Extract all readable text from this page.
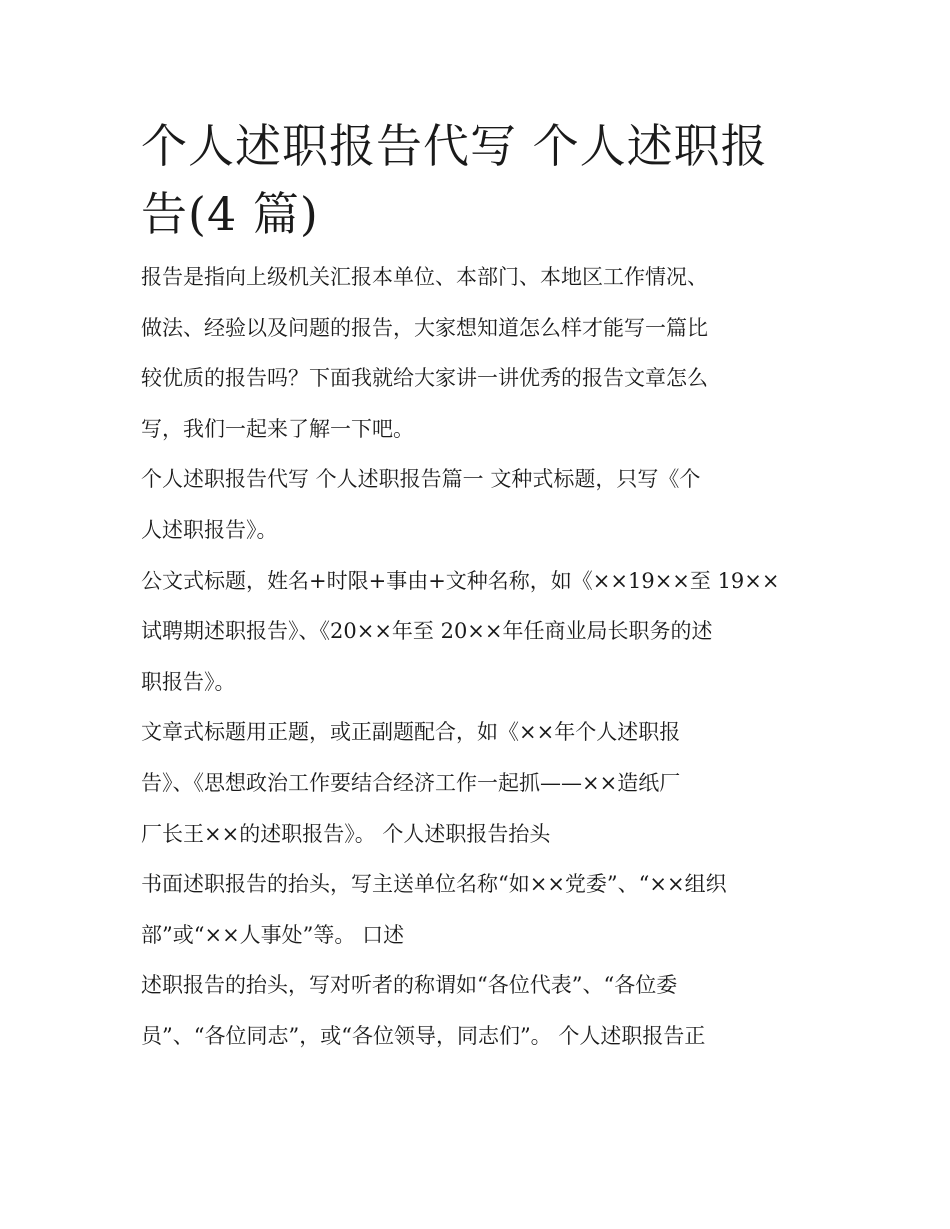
个人述职报告代写 个人述职报
告(4 篇)

报告是指向上级机关汇报本单位、本部门、本地区工作情况、
做法、经验以及问题的报告，大家想知道怎么样才能写一篇比
较优质的报告吗？下面我就给大家讲一讲优秀的报告文章怎么
写，我们一起来了解一下吧。

个人述职报告代写 个人述职报告篇一 文种式标题，只写《个
人述职报告》。

公文式标题，姓名+时限+事由+文种名称，如《××19××至 19××
试聘期述职报告》、《20××年至 20××年任商业局长职务的述
职报告》。

文章式标题用正题，或正副题配合，如《××年个人述职报
告》、《思想政治工作要结合经济工作一起抓——××造纸厂
厂长王××的述职报告》。 个人述职报告抬头

书面述职报告的抬头，写主送单位名称“如××党委”、“××组织
部”或“××人事处”等。 口述

述职报告的抬头，写对听者的称谓如“各位代表”、“各位委
员”、“各位同志”，或“各位领导，同志们”。 个人述职报告正
